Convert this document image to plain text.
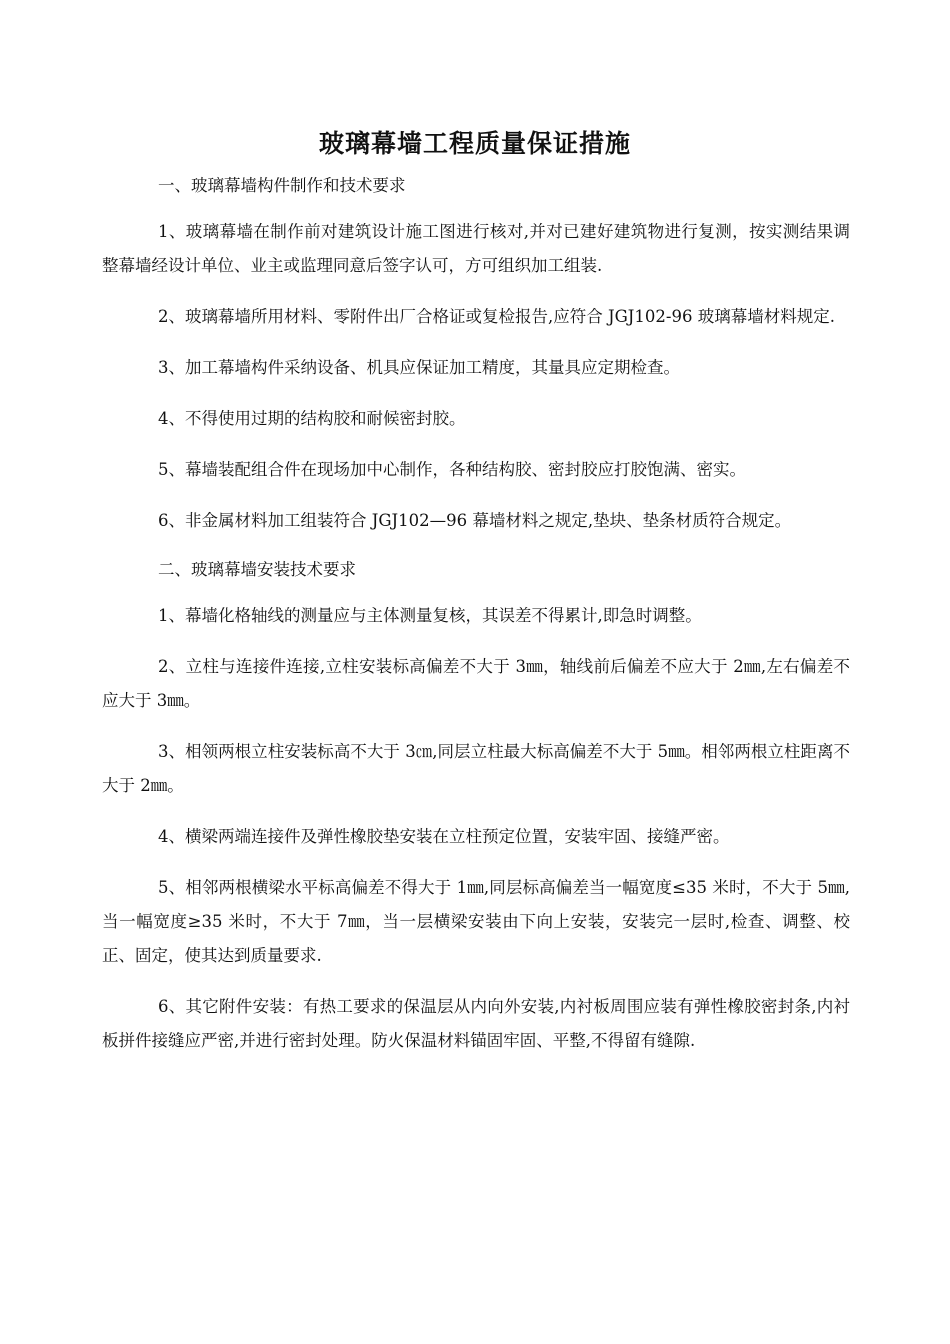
玻璃幕墙工程质量保证措施

一、玻璃幕墙构件制作和技术要求

1、玻璃幕墙在制作前对建筑设计施工图进行核对,并对已建好建筑物进行复测，按实测结果调整幕墙经设计单位、业主或监理同意后签字认可，方可组织加工组装.

2、玻璃幕墙所用材料、零附件出厂合格证或复检报告,应符合 JGJ102-96 玻璃幕墙材料规定.

3、加工幕墙构件采纳设备、机具应保证加工精度，其量具应定期检查。

4、不得使用过期的结构胶和耐候密封胶。

5、幕墙装配组合件在现场加中心制作，各种结构胶、密封胶应打胶饱满、密实。

6、非金属材料加工组装符合 JGJ102—96 幕墙材料之规定,垫块、垫条材质符合规定。

二、玻璃幕墙安装技术要求

1、幕墙化格轴线的测量应与主体测量复核，其误差不得累计,即急时调整。

2、立柱与连接件连接,立柱安装标高偏差不大于 3㎜，轴线前后偏差不应大于 2㎜,左右偏差不应大于 3㎜。

3、相领两根立柱安装标高不大于 3㎝,同层立柱最大标高偏差不大于 5㎜。相邻两根立柱距离不大于 2㎜。

4、横梁两端连接件及弹性橡胶垫安装在立柱预定位置，安装牢固、接缝严密。

5、相邻两根横梁水平标高偏差不得大于 1㎜,同层标高偏差当一幅宽度≤35 米时，不大于 5㎜,当一幅宽度≥35 米时，不大于 7㎜，当一层横梁安装由下向上安装，安装完一层时,检查、调整、校正、固定，使其达到质量要求.

6、其它附件安装：有热工要求的保温层从内向外安装,内衬板周围应装有弹性橡胶密封条,内衬板拼件接缝应严密,并进行密封处理。防火保温材料锚固牢固、平整,不得留有缝隙.
